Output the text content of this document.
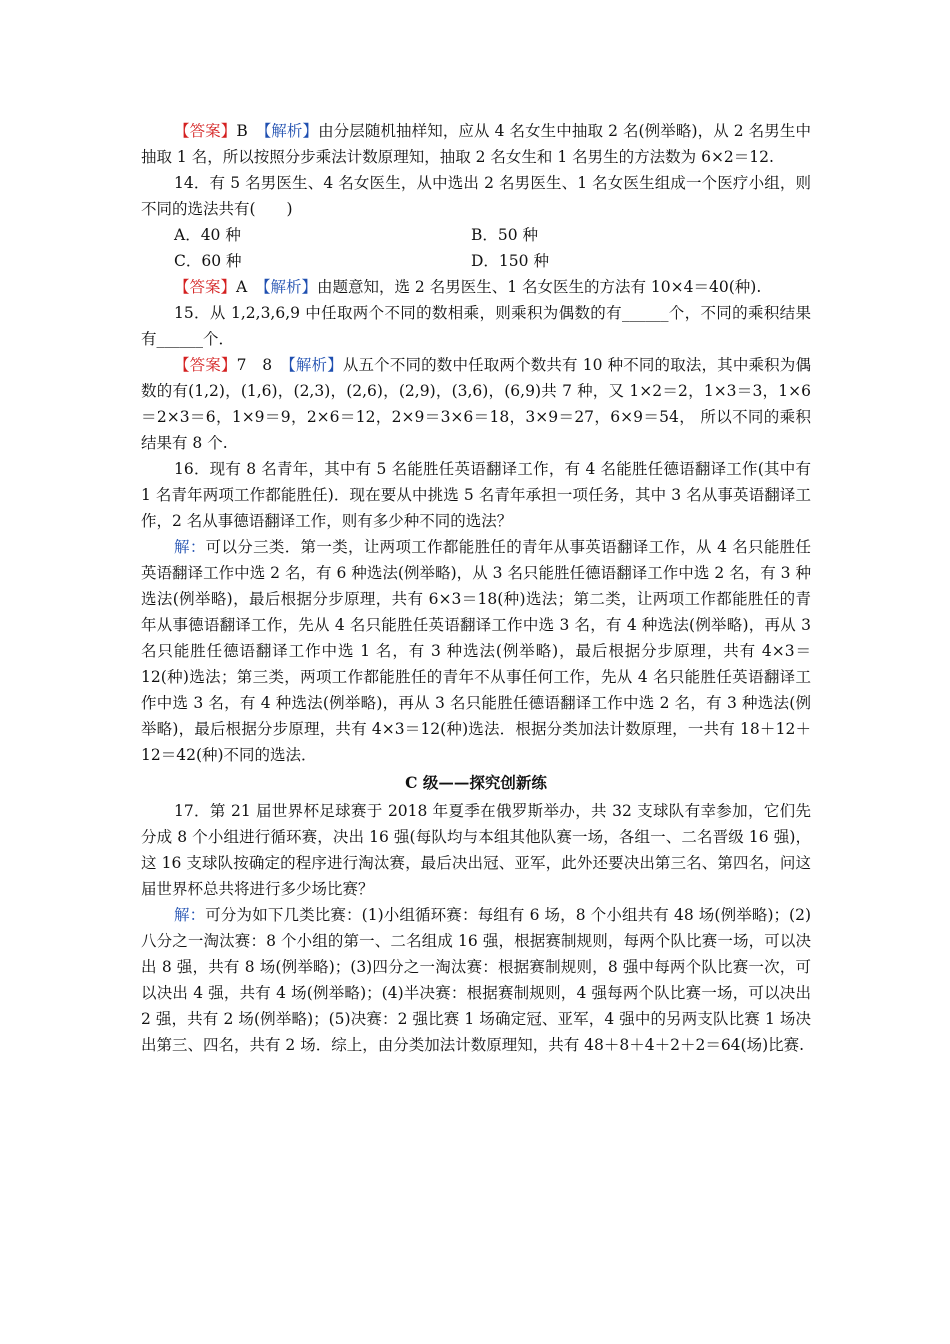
【答案】B　 【解析】由分层随机抽样知，应从 4 名女生中抽取 2 名(例举略)，从 2 名男生中抽取 1 名，所以按照分步乘法计数原理知，抽取 2 名女生和 1 名男生的方法数为 6×2＝12.

14．有 5 名男医生、4 名女医生，从中选出 2 名男医生、1 名女医生组成一个医疗小组，则不同的选法共有(　　)

A．40 种	B．50 种
C．60 种	D．150 种

【答案】A　 【解析】由题意知，选 2 名男医生、1 名女医生的方法有 10×4＝40(种).

15．从 1,2,3,6,9 中任取两个不同的数相乘，则乘积为偶数的有______个，不同的乘积结果有______个．

【答案】7　8　 【解析】从五个不同的数中任取两个数共有 10 种不同的取法，其中乘积为偶数的有(1,2)，(1,6)，(2,3)，(2,6)，(2,9)，(3,6)，(6,9)共 7 种，又 1×2＝2，1×3＝3，1×6＝2×3＝6，1×9＝9，2×6＝12，2×9＝3×6＝18，3×9＝27，6×9＝54， 所以不同的乘积结果有 8 个.

16．现有 8 名青年，其中有 5 名能胜任英语翻译工作，有 4 名能胜任德语翻译工作(其中有 1 名青年两项工作都能胜任)．现在要从中挑选 5 名青年承担一项任务，其中 3 名从事英语翻译工作，2 名从事德语翻译工作，则有多少种不同的选法？

解：可以分三类．第一类，让两项工作都能胜任的青年从事英语翻译工作，从 4 名只能胜任英语翻译工作中选 2 名，有 6 种选法(例举略)，从 3 名只能胜任德语翻译工作中选 2 名，有 3 种选法(例举略)，最后根据分步原理，共有 6×3＝18(种)选法；第二类，让两项工作都能胜任的青年从事德语翻译工作，先从 4 名只能胜任英语翻译工作中选 3 名，有 4 种选法(例举略)，再从 3 名只能胜任德语翻译工作中选 1 名，有 3 种选法(例举略)，最后根据分步原理，共有 4×3＝12(种)选法；第三类，两项工作都能胜任的青年不从事任何工作，先从 4 名只能胜任英语翻译工作中选 3 名，有 4 种选法(例举略)，再从 3 名只能胜任德语翻译工作中选 2 名，有 3 种选法(例举略)，最后根据分步原理，共有 4×3＝12(种)选法．根据分类加法计数原理，一共有 18＋12＋12＝42(种)不同的选法．

C 级——探究创新练

17．第 21 届世界杯足球赛于 2018 年夏季在俄罗斯举办，共 32 支球队有幸参加，它们先分成 8 个小组进行循环赛，决出 16 强(每队均与本组其他队赛一场，各组一、二名晋级 16 强)，这 16 支球队按确定的程序进行淘汰赛，最后决出冠、亚军，此外还要决出第三名、第四名，问这届世界杯总共将进行多少场比赛？

解：可分为如下几类比赛：(1)小组循环赛：每组有 6 场，8 个小组共有 48 场(例举略)；(2)八分之一淘汰赛：8 个小组的第一、二名组成 16 强，根据赛制规则，每两个队比赛一场，可以决出 8 强，共有 8 场(例举略)；(3)四分之一淘汰赛：根据赛制规则，8 强中每两个队比赛一次，可以决出 4 强，共有 4 场(例举略)；(4)半决赛：根据赛制规则，4 强每两个队比赛一场，可以决出 2 强，共有 2 场(例举略)；(5)决赛：2 强比赛 1 场确定冠、亚军，4 强中的另两支队比赛 1 场决出第三、四名，共有 2 场．综上，由分类加法计数原理知，共有 48＋8＋4＋2＋2＝64(场)比赛.
